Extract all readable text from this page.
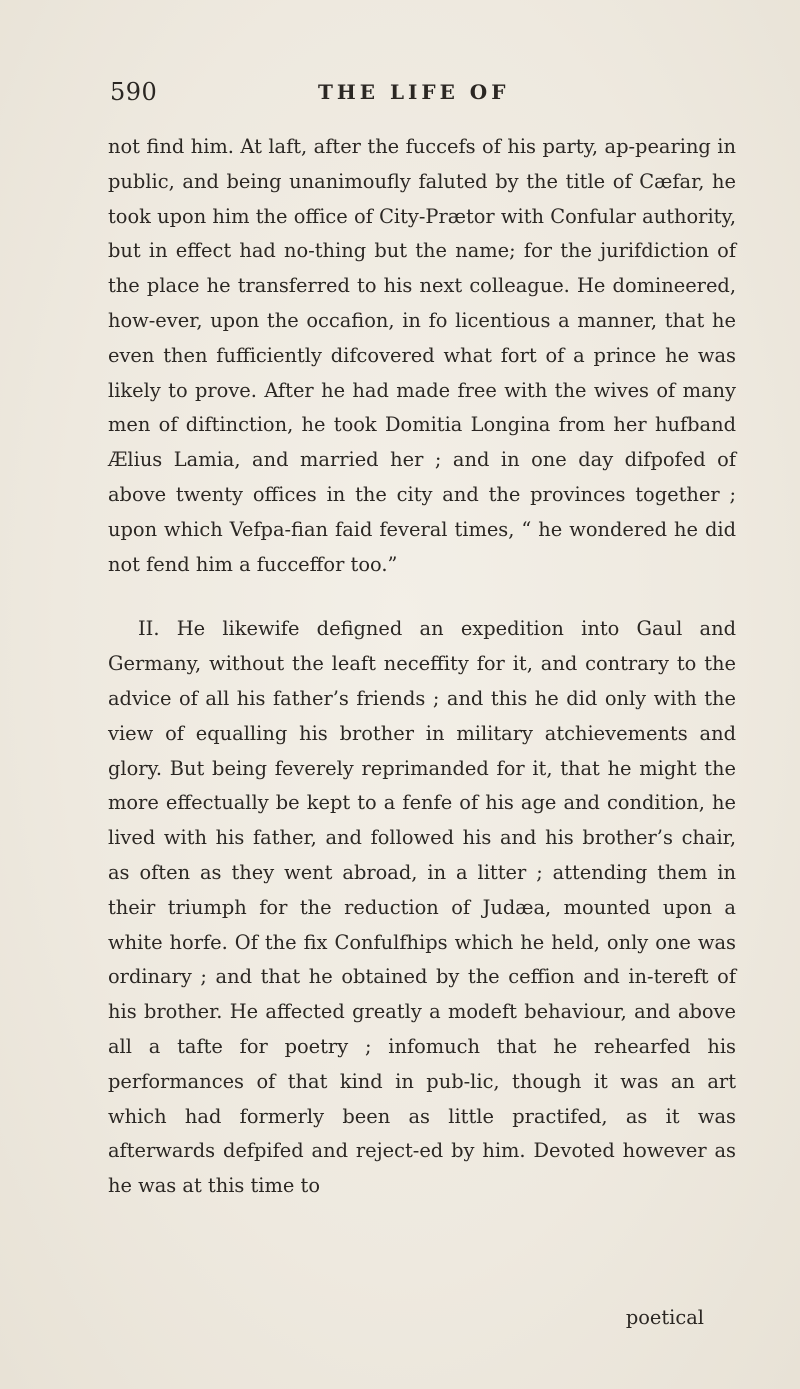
590	THE LIFE OF

not find him. At laft, after the fuccefs of his party, ap-pearing in public, and being unanimoufly faluted by the title of Cæfar, he took upon him the office of City-Prætor with Confular authority, but in effect had no-thing but the name; for the jurifdiction of the place he transferred to his next colleague. He domineered, how-ever, upon the occafion, in fo licentious a manner, that he even then fufficiently difcovered what fort of a prince he was likely to prove. After he had made free with the wives of many men of diftinction, he took Domitia Longina from her hufband Ælius Lamia, and married her ; and in one day difpofed of above twenty offices in the city and the provinces together ; upon which Vefpa-fian faid feveral times, “ he wondered he did not fend him a fucceffor too.”

II. He likewife defigned an expedition into Gaul and Germany, without the leaft neceffity for it, and contrary to the advice of all his father’s friends ; and this he did only with the view of equalling his brother in military atchievements and glory. But being feverely reprimanded for it, that he might the more effectually be kept to a fenfe of his age and condition, he lived with his father, and followed his and his brother’s chair, as often as they went abroad, in a litter ; attending them in their triumph for the reduction of Judæa, mounted upon a white horfe. Of the fix Confulfhips which he held, only one was ordinary ; and that he obtained by the ceffion and in-tereft of his brother. He affected greatly a modeft behaviour, and above all a tafte for poetry ; infomuch that he rehearfed his performances of that kind in pub-lic, though it was an art which had formerly been as little practifed, as it was afterwards defpifed and reject-ed by him. Devoted however as he was at this time to

poetical
